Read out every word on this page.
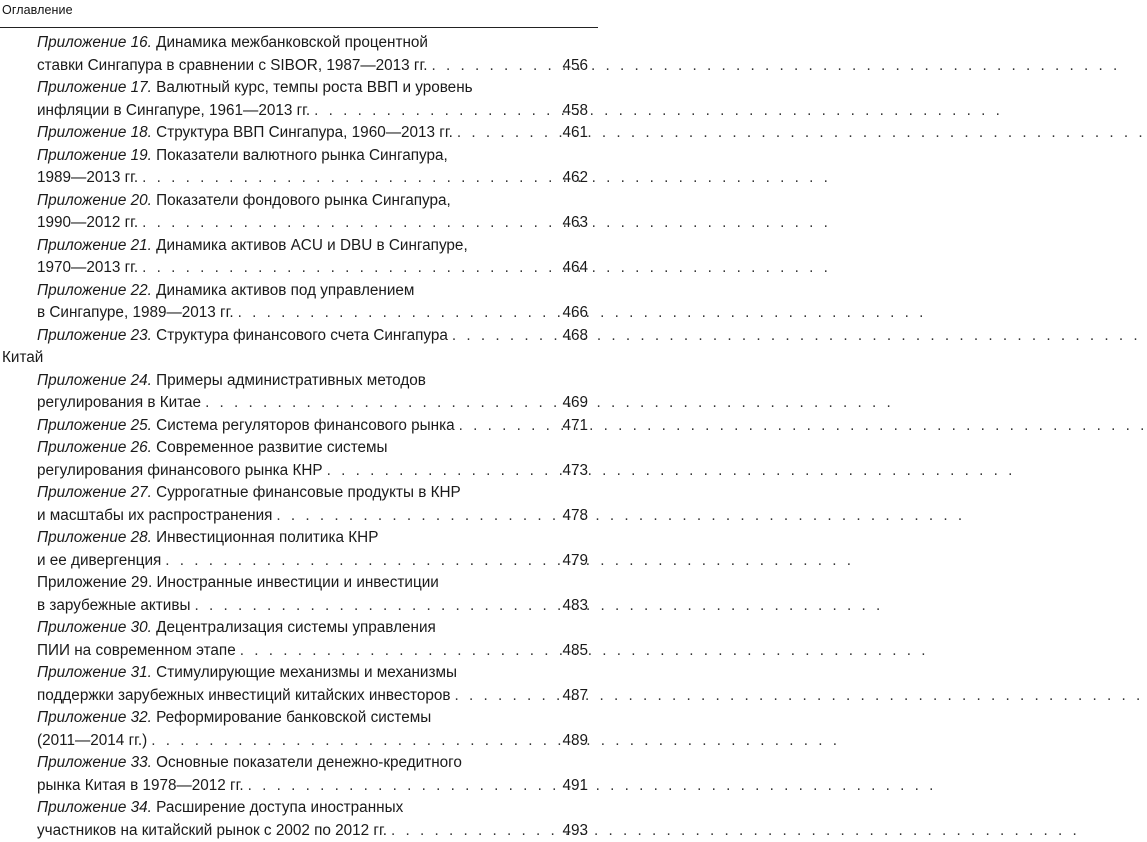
Оглавление
Приложение 16. Динамика межбанковской процентной
ставки Сингапура в сравнении с SIBOR, 1987—2013 гг. . . .	456
Приложение 17. Валютный курс, темпы роста ВВП и уровень
инфляции в Сингапуре, 1961—2013 гг. . . .	458
Приложение 18. Структура ВВП Сингапура, 1960—2013 гг. . . .	461
Приложение 19. Показатели валютного рынка Сингапура,
1989—2013 гг. . . .	462
Приложение 20. Показатели фондового рынка Сингапура,
1990—2012 гг. . . .	463
Приложение 21. Динамика активов ACU и DBU в Сингапуре,
1970—2013 гг. . . .	464
Приложение 22. Динамика активов под управлением
в Сингапуре, 1989—2013 гг. . . .	466
Приложение 23. Структура финансового счета Сингапура . . .	468
Китай
Приложение 24. Примеры административных методов
регулирования в Китае . . .	469
Приложение 25. Система регуляторов финансового рынка . . .	471
Приложение 26. Современное развитие системы
регулирования финансового рынка КНР . . .	473
Приложение 27. Суррогатные финансовые продукты в КНР
и масштабы их распространения . . .	478
Приложение 28. Инвестиционная политика КНР
и ее дивергенция . . .	479
Приложение 29. Иностранные инвестиции и инвестиции
в зарубежные активы . . .	483
Приложение 30. Децентрализация системы управления
ПИИ на современном этапе . . .	485
Приложение 31. Стимулирующие механизмы и механизмы
поддержки зарубежных инвестиций китайских инвесторов . . .	487
Приложение 32. Реформирование банковской системы
(2011—2014 гг.) . . .	489
Приложение 33. Основные показатели денежно-кредитного
рынка Китая в 1978—2012 гг. . . .	491
Приложение 34. Расширение доступа иностранных
участников на китайский рынок с 2002 по 2012 гг. . . .	493
